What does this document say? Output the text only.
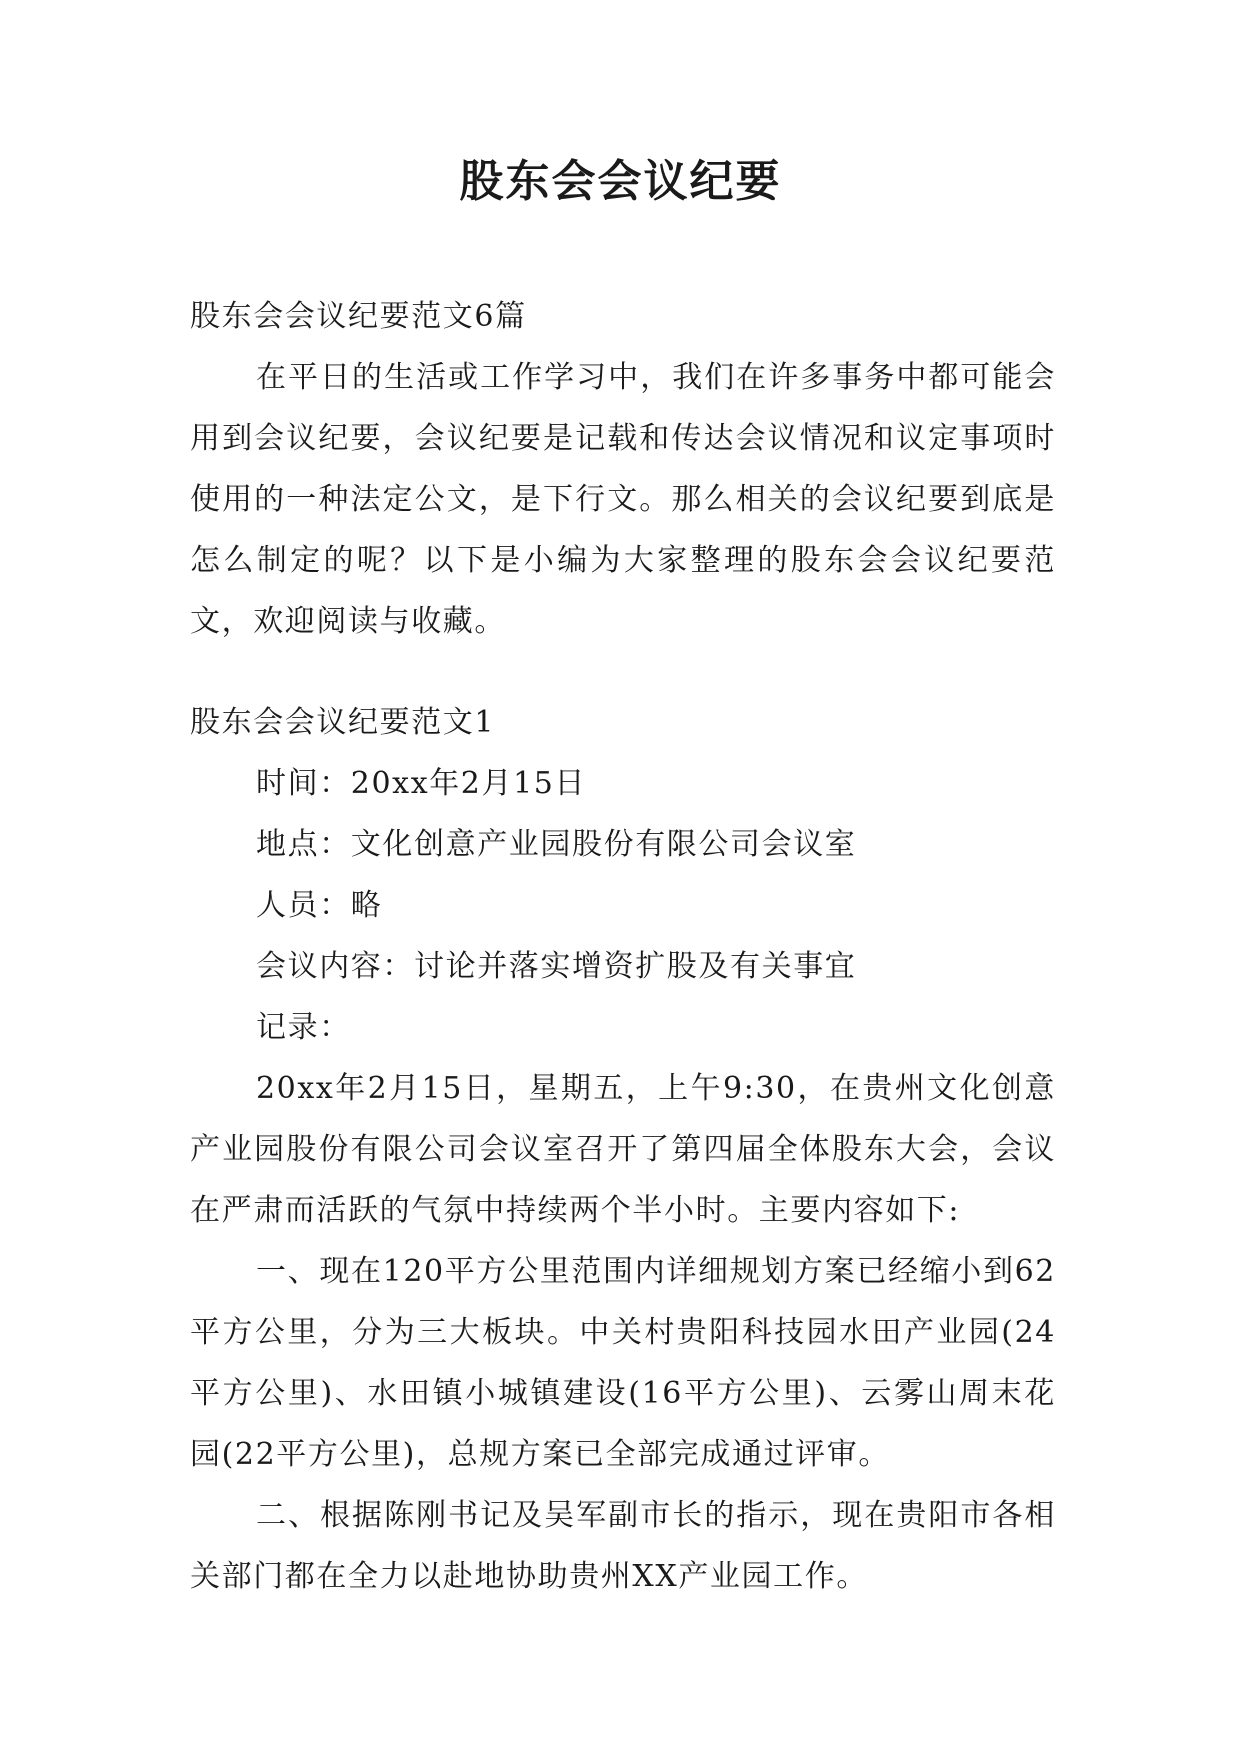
股东会会议纪要

股东会会议纪要范文6篇

在平日的生活或工作学习中，我们在许多事务中都可能会用到会议纪要，会议纪要是记载和传达会议情况和议定事项时使用的一种法定公文，是下行文。那么相关的会议纪要到底是怎么制定的呢？以下是小编为大家整理的股东会会议纪要范文，欢迎阅读与收藏。

股东会会议纪要范文1

时间：20xx年2月15日

地点：文化创意产业园股份有限公司会议室

人员：略

会议内容：讨论并落实增资扩股及有关事宜

记录：

20xx年2月15日，星期五，上午9:30，在贵州文化创意产业园股份有限公司会议室召开了第四届全体股东大会，会议在严肃而活跃的气氛中持续两个半小时。主要内容如下:

一、现在120平方公里范围内详细规划方案已经缩小到62平方公里，分为三大板块。中关村贵阳科技园水田产业园(24平方公里)、水田镇小城镇建设(16平方公里)、云雾山周末花园(22平方公里)，总规方案已全部完成通过评审。

二、根据陈刚书记及吴军副市长的指示，现在贵阳市各相关部门都在全力以赴地协助贵州XX产业园工作。
